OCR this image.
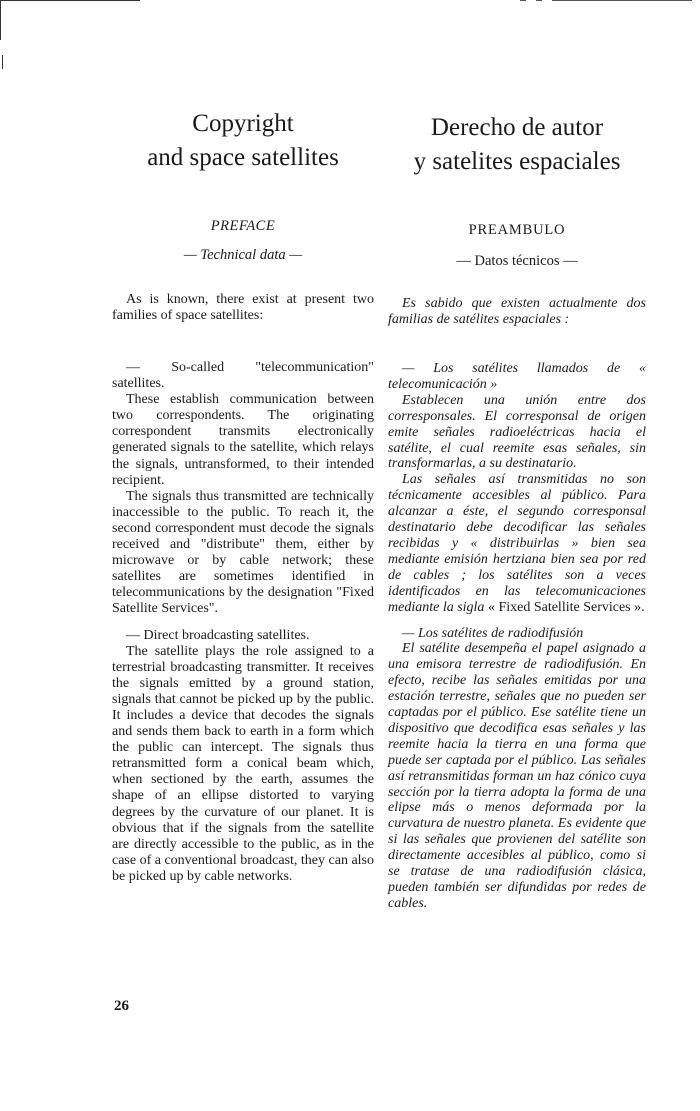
Copyright
and space satellites
PREFACE
— Technical data —

As is known, there exist at present two families of space satellites:

— So-called "telecommunication" satellites.

These establish communication between two correspondents. The originating correspondent transmits electronically generated signals to the satellite, which relays the signals, untransformed, to their intended recipient.

The signals thus transmitted are technically inaccessible to the public. To reach it, the second correspondent must decode the signals received and "distribute" them, either by microwave or by cable network; these satellites are sometimes identified in telecommunications by the designation "Fixed Satellite Services".

— Direct broadcasting satellites.

The satellite plays the role assigned to a terrestrial broadcasting transmitter. It receives the signals emitted by a ground station, signals that cannot be picked up by the public. It includes a device that decodes the signals and sends them back to earth in a form which the public can intercept. The signals thus retransmitted form a conical beam which, when sectioned by the earth, assumes the shape of an ellipse distorted to varying degrees by the curvature of our planet. It is obvious that if the signals from the satellite are directly accessible to the public, as in the case of a conventional broadcast, they can also be picked up by cable networks.

Derecho de autor
y satelites espaciales
PREAMBULO
— Datos técnicos —

Es sabido que existen actualmente dos familias de satélites espaciales :

— Los satélites llamados de « telecomunicación »

Establecen una unión entre dos corresponsales. El corresponsal de origen emite señales radioeléctricas hacia el satélite, el cual reemite esas señales, sin transformarlas, a su destinatario.

Las señales así transmitidas no son técnicamente accesibles al público. Para alcanzar a éste, el segundo corresponsal destinatario debe decodificar las señales recibidas y « distribuirlas » bien sea mediante emisión hertziana bien sea por red de cables ; los satélites son a veces identificados en las telecomunicaciones mediante la sigla « Fixed Satellite Services ».

— Los satélites de radiodifusión

El satélite desempeña el papel asignado a una emisora terrestre de radiodifusión. En efecto, recibe las señales emitidas por una estación terrestre, señales que no pueden ser captadas por el público. Ese satélite tiene un dispositivo que decodifica esas señales y las reemite hacia la tierra en una forma que puede ser captada por el público. Las señales así retransmitidas forman un haz cónico cuya sección por la tierra adopta la forma de una elipse más o menos deformada por la curvatura de nuestro planeta. Es evidente que si las señales que provienen del satélite son directamente accesibles al público, como si se tratase de una radiodifusión clásica, pueden también ser difundidas por redes de cables.

26
